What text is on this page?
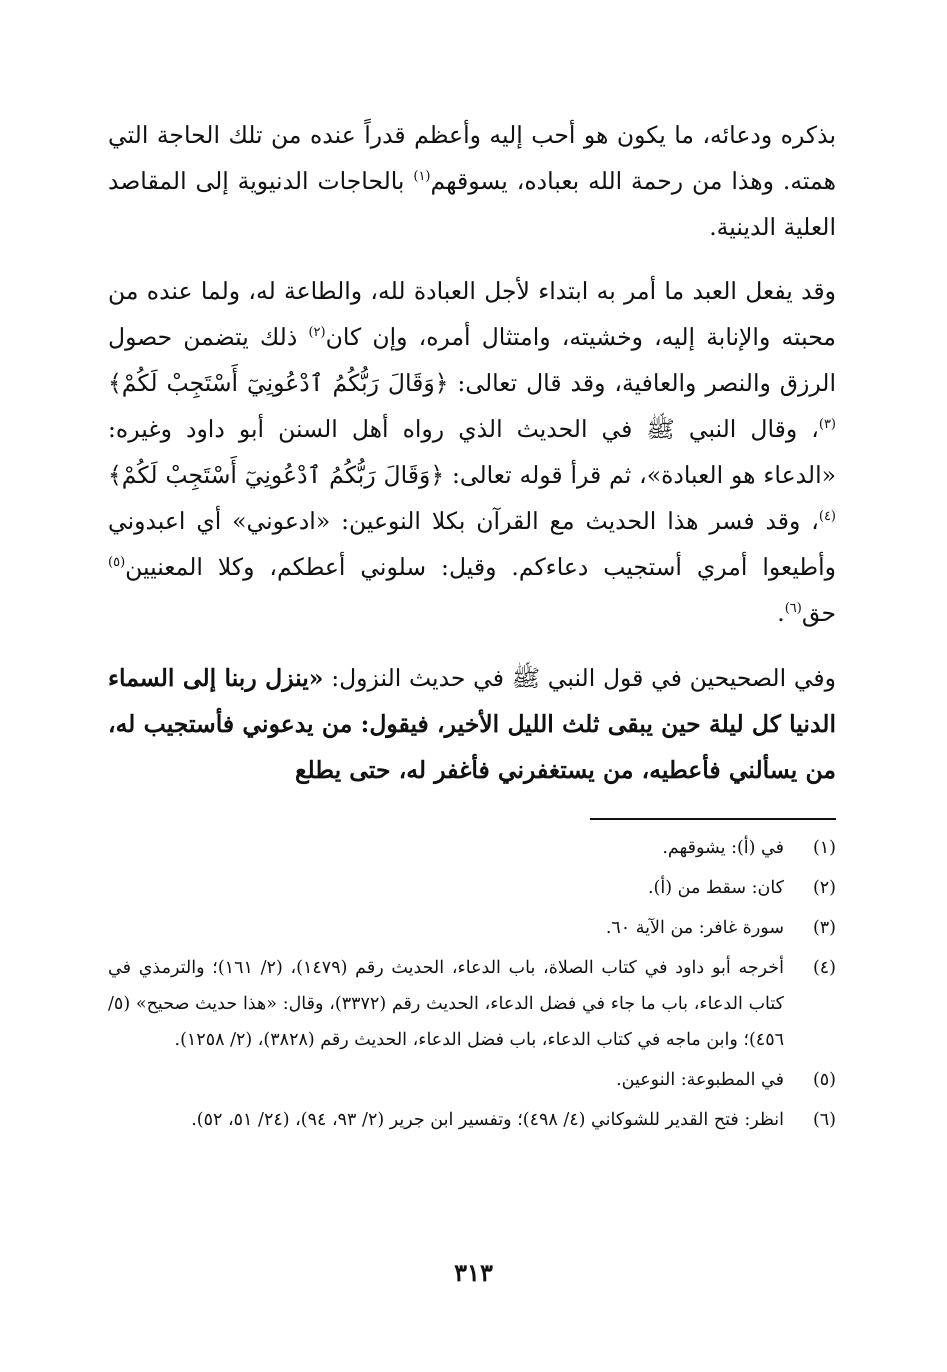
بذكره ودعائه، ما يكون هو أحب إليه وأعظم قدراً عنده من تلك الحاجة التي همته. وهذا من رحمة الله بعباده، يسوقهم$^{(١)}$ بالحاجات الدنيوية إلى المقاصد العلية الدينية.

وقد يفعل العبد ما أمر به ابتداء لأجل العبادة لله، والطاعة له، ولما عنده من محبته والإنابة إليه، وخشيته، وامتثال أمره، وإن كان$^{(٢)}$ ذلك يتضمن حصول الرزق والنصر والعافية، وقد قال تعالى: ﴿وَقَالَ رَبُّكُمُ ٱدْعُونِيٓ أَسْتَجِبْ لَكُمْ﴾$^{(٣)}$، وقال النبي ﷺ في الحديث الذي رواه أهل السنن أبو داود وغيره: «الدعاء هو العبادة»، ثم قرأ قوله تعالى: ﴿وَقَالَ رَبُّكُمُ ٱدْعُونِيٓ أَسْتَجِبْ لَكُمْ﴾$^{(٤)}$، وقد فسر هذا الحديث مع القرآن بكلا النوعين: «ادعوني» أي اعبدوني وأطيعوا أمري أستجيب دعاءكم. وقيل: سلوني أعطكم، وكلا المعنيين$^{(٥)}$ حق$^{(٦)}$.

وفي الصحيحين في قول النبي ﷺ في حديث النزول: «ينزل ربنا إلى السماء الدنيا كل ليلة حين يبقى ثلث الليل الأخير، فيقول: من يدعوني فأستجيب له، من يسألني فأعطيه، من يستغفرني فأغفر له، حتى يطلع

(١)
في (أ): يشوقهم.
(٢)
كان: سقط من (أ).
(٣)
سورة غافر: من الآية ٦٠.
(٤)
أخرجه أبو داود في كتاب الصلاة، باب الدعاء، الحديث رقم (١٤٧٩)، (٢/ ١٦١)؛ والترمذي في كتاب الدعاء، باب ما جاء في فضل الدعاء، الحديث رقم (٣٣٧٢)، وقال: «هذا حديث صحيح» (٥/ ٤٥٦)؛ وابن ماجه في كتاب الدعاء، باب فضل الدعاء، الحديث رقم (٣٨٢٨)، (٢/ ١٢٥٨).
(٥)
في المطبوعة: النوعين.
(٦)
انظر: فتح القدير للشوكاني (٤/ ٤٩٨)؛ وتفسير ابن جرير (٢/ ٩٣، ٩٤)، (٢٤/ ٥١، ٥٢).
٣١٣
